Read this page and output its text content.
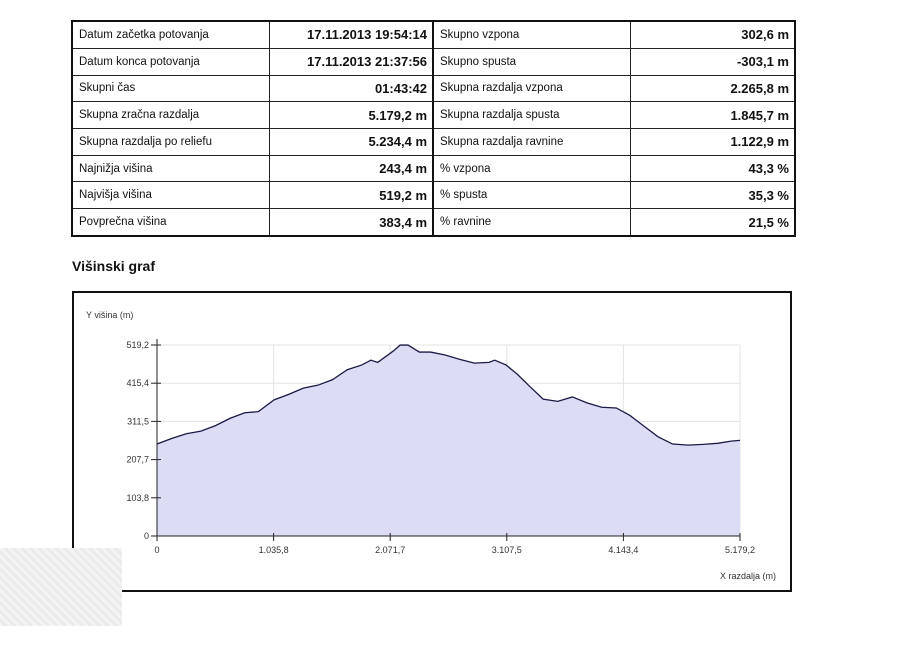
Datum začetka potovanja	17.11.2013 19:54:14	Skupno vzpona	302,6 m
Datum konca potovanja	17.11.2013 21:37:56	Skupno spusta	-303,1 m
Skupni čas	01:43:42	Skupna razdalja vzpona	2.265,8 m
Skupna zračna razdalja	5.179,2 m	Skupna razdalja spusta	1.845,7 m
Skupna razdalja po reliefu	5.234,4 m	Skupna razdalja ravnine	1.122,9 m
Najnižja višina	243,4 m	% vzpona	43,3 %
Najvišja višina	519,2 m	% spusta	35,3 %
Povprečna višina	383,4 m	% ravnine	21,5 %
Višinski graf
0
103,8
207,7
311,5
415,4
519,2
0	1.035,8	2.071,7	3.107,5	4.143,4	5.179,2
Y višina (m)
X razdalja (m)
